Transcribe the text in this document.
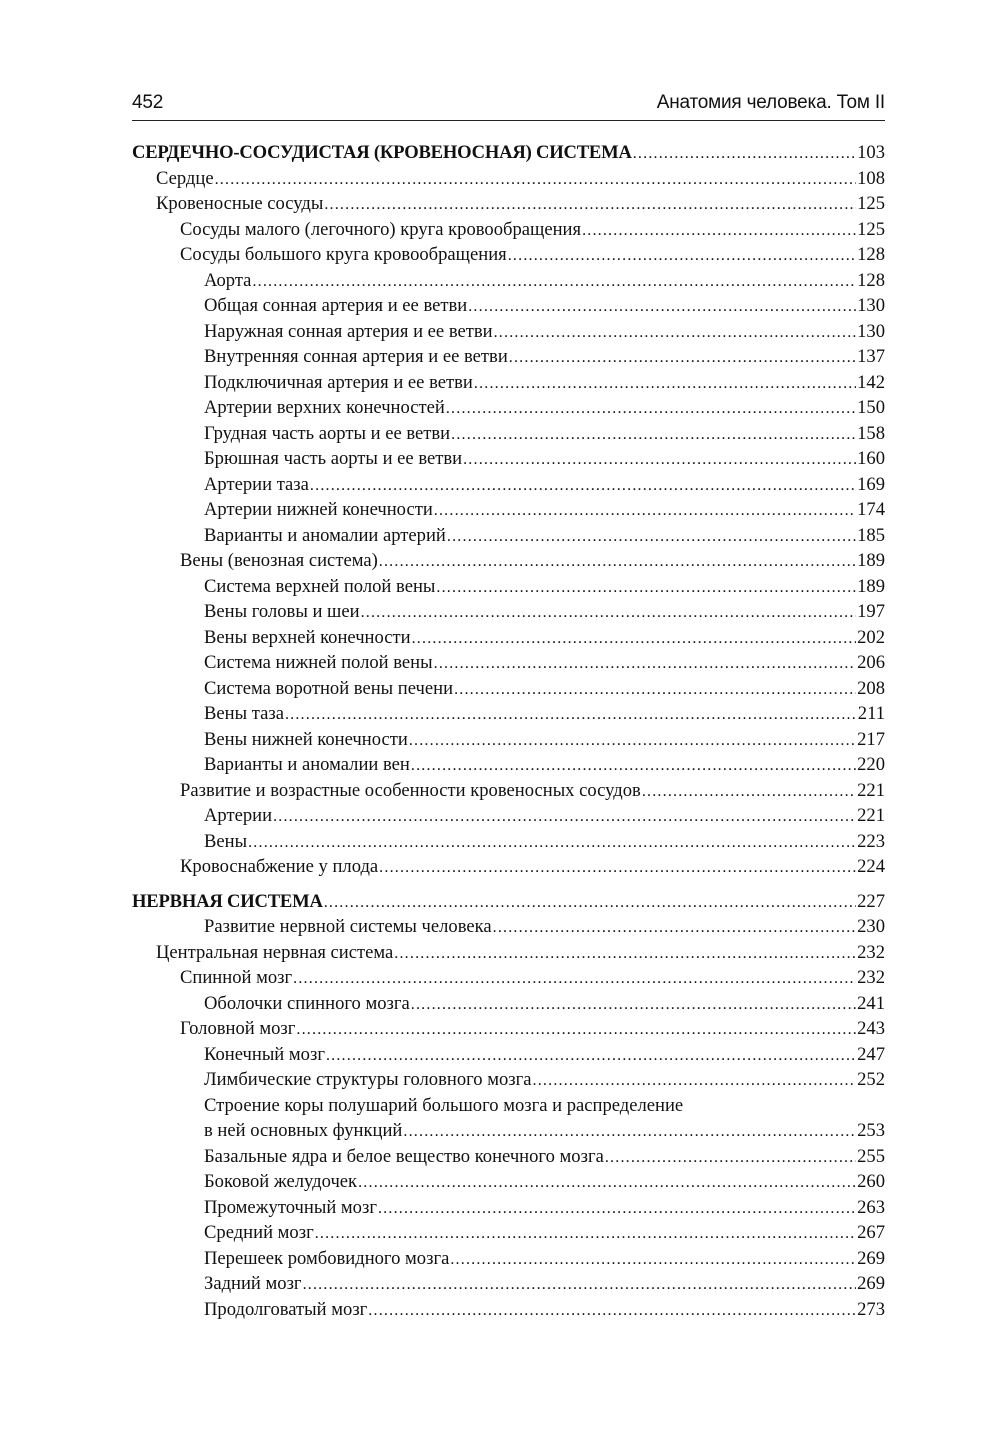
452	Анатомия человека. Том II
СЕРДЕЧНО-СОСУДИСТАЯ (КРОВЕНОСНАЯ) СИСТЕМА .....	103
Сердце .....	108
Кровеносные сосуды .....	125
Сосуды малого (легочного) круга кровообращения .....	125
Сосуды большого круга кровообращения .....	128
Аорта .....	128
Общая сонная артерия и ее ветви .....	130
Наружная сонная артерия и ее ветви .....	130
Внутренняя сонная артерия и ее ветви .....	137
Подключичная артерия и ее ветви .....	142
Артерии верхних конечностей .....	150
Грудная часть аорты и ее ветви .....	158
Брюшная часть аорты и ее ветви .....	160
Артерии таза .....	169
Артерии нижней конечности .....	174
Варианты и аномалии артерий .....	185
Вены (венозная система) .....	189
Система верхней полой вены .....	189
Вены головы и шеи .....	197
Вены верхней конечности .....	202
Система нижней полой вены .....	206
Система воротной вены печени .....	208
Вены таза .....	211
Вены нижней конечности .....	217
Варианты и аномалии вен .....	220
Развитие и возрастные особенности кровеносных сосудов .....	221
Артерии .....	221
Вены .....	223
Кровоснабжение у плода .....	224
НЕРВНАЯ СИСТЕМА .....	227
Развитие нервной системы человека .....	230
Центральная нервная система .....	232
Спинной мозг .....	232
Оболочки спинного мозга .....	241
Головной мозг .....	243
Конечный мозг .....	247
Лимбические структуры головного мозга .....	252
Строение коры полушарий большого мозга и распределение
в ней основных функций .....	253
Базальные ядра и белое вещество конечного мозга .....	255
Боковой желудочек .....	260
Промежуточный мозг .....	263
Средний мозг .....	267
Перешеек ромбовидного мозга .....	269
Задний мозг .....	269
Продолговатый мозг .....	273
